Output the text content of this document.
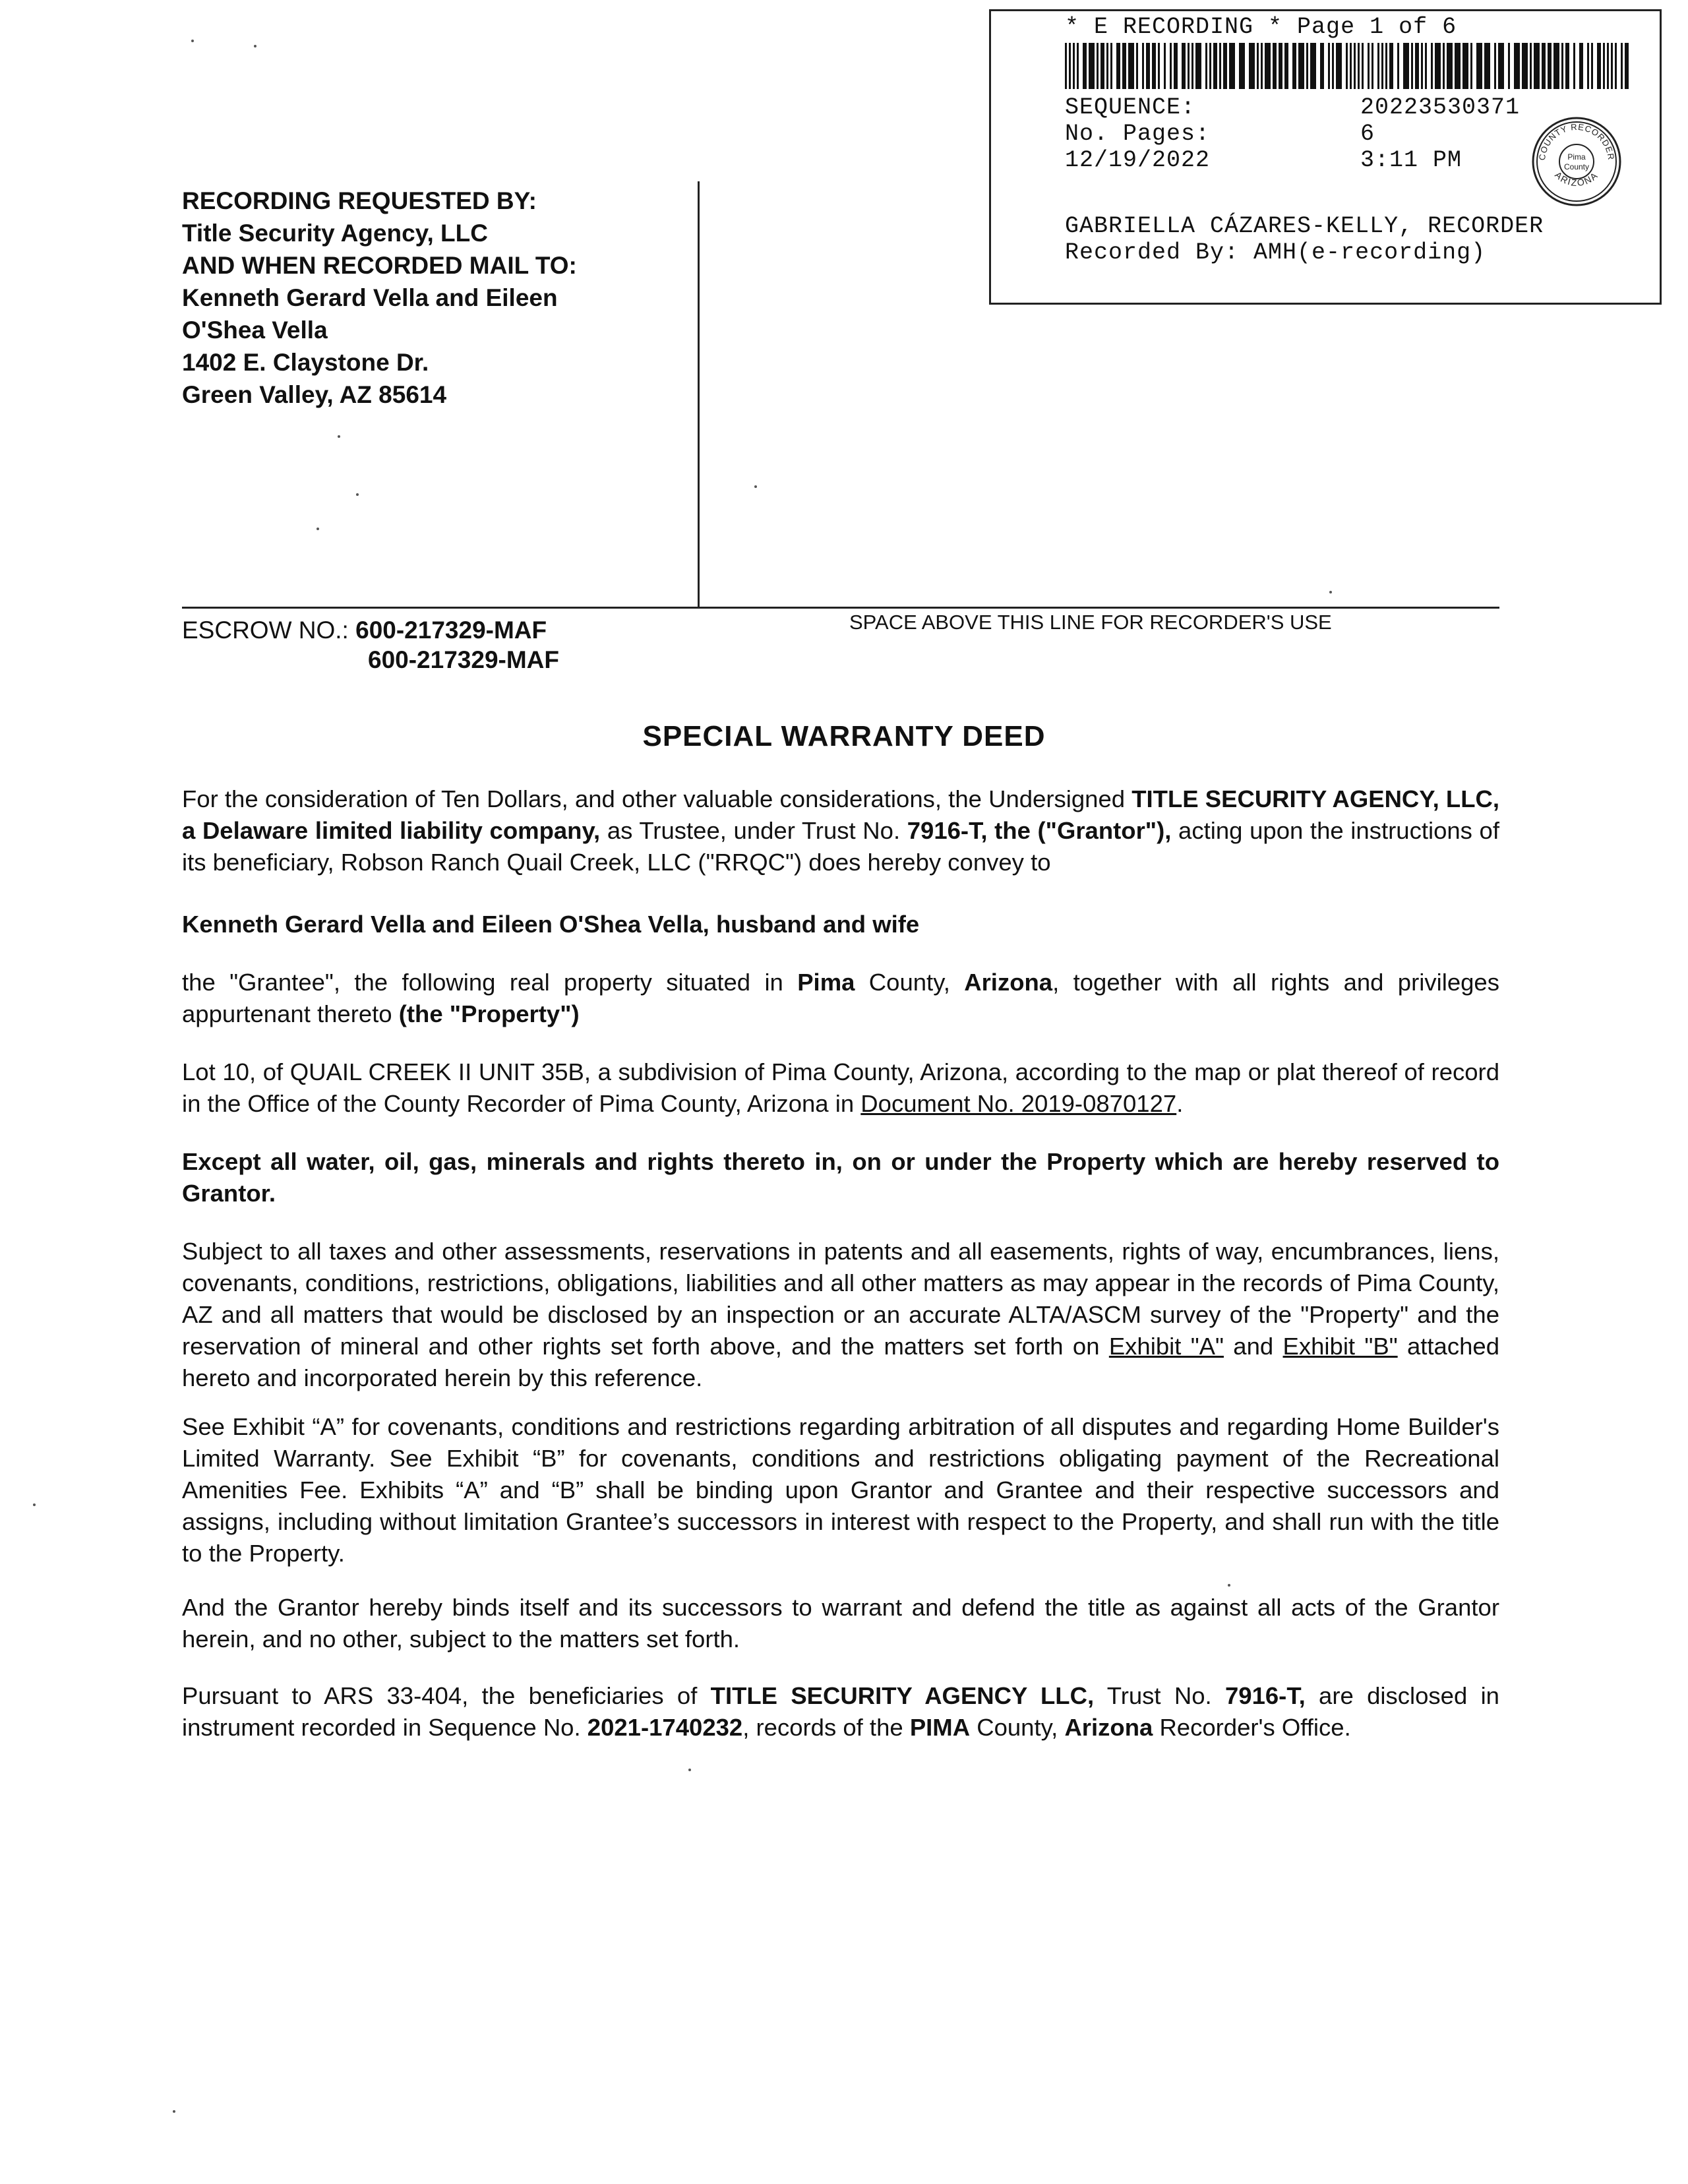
* E RECORDING * Page 1 of 6
SEQUENCE:	20223530371
No. Pages:	6
12/19/2022	3:11 PM	COUNTY RECORDER
ARIZONA
Pima
County
GABRIELLA CÁZARES-KELLY, RECORDER
Recorded By: AMH(e-recording)
RECORDING REQUESTED BY:
Title Security Agency, LLC
AND WHEN RECORDED MAIL TO:
Kenneth Gerard Vella and Eileen
O'Shea Vella
1402 E. Claystone Dr.
Green Valley, AZ 85614
ESCROW NO.: 600-217329-MAF
600-217329-MAF
SPACE ABOVE THIS LINE FOR RECORDER'S USE
SPECIAL WARRANTY DEED
For the consideration of Ten Dollars, and other valuable considerations, the Undersigned TITLE SECURITY AGENCY, LLC, a Delaware limited liability company, as Trustee, under Trust No. 7916-T, the ("Grantor"), acting upon the instructions of its beneficiary, Robson Ranch Quail Creek, LLC ("RRQC") does hereby convey to
Kenneth Gerard Vella and Eileen O'Shea Vella, husband and wife
the "Grantee", the following real property situated in Pima County, Arizona, together with all rights and privileges appurtenant thereto (the "Property")
Lot 10, of QUAIL CREEK II UNIT 35B, a subdivision of Pima County, Arizona, according to the map or plat thereof of record in the Office of the County Recorder of Pima County, Arizona in Document No. 2019-0870127.
Except all water, oil, gas, minerals and rights thereto in, on or under the Property which are hereby reserved to Grantor.
Subject to all taxes and other assessments, reservations in patents and all easements, rights of way, encumbrances, liens, covenants, conditions, restrictions, obligations, liabilities and all other matters as may appear in the records of Pima County, AZ and all matters that would be disclosed by an inspection or an accurate ALTA/ASCM survey of the "Property" and the reservation of mineral and other rights set forth above, and the matters set forth on Exhibit "A" and Exhibit "B" attached hereto and incorporated herein by this reference.
See Exhibit “A” for covenants, conditions and restrictions regarding arbitration of all disputes and regarding Home Builder's Limited Warranty. See Exhibit “B” for covenants, conditions and restrictions obligating payment of the Recreational Amenities Fee. Exhibits “A” and “B” shall be binding upon Grantor and Grantee and their respective successors and assigns, including without limitation Grantee’s successors in interest with respect to the Property, and shall run with the title to the Property.
And the Grantor hereby binds itself and its successors to warrant and defend the title as against all acts of the Grantor herein, and no other, subject to the matters set forth.
Pursuant to ARS 33-404, the beneficiaries of TITLE SECURITY AGENCY LLC, Trust No. 7916-T, are disclosed in instrument recorded in Sequence No. 2021-1740232, records of the PIMA County, Arizona Recorder's Office.
